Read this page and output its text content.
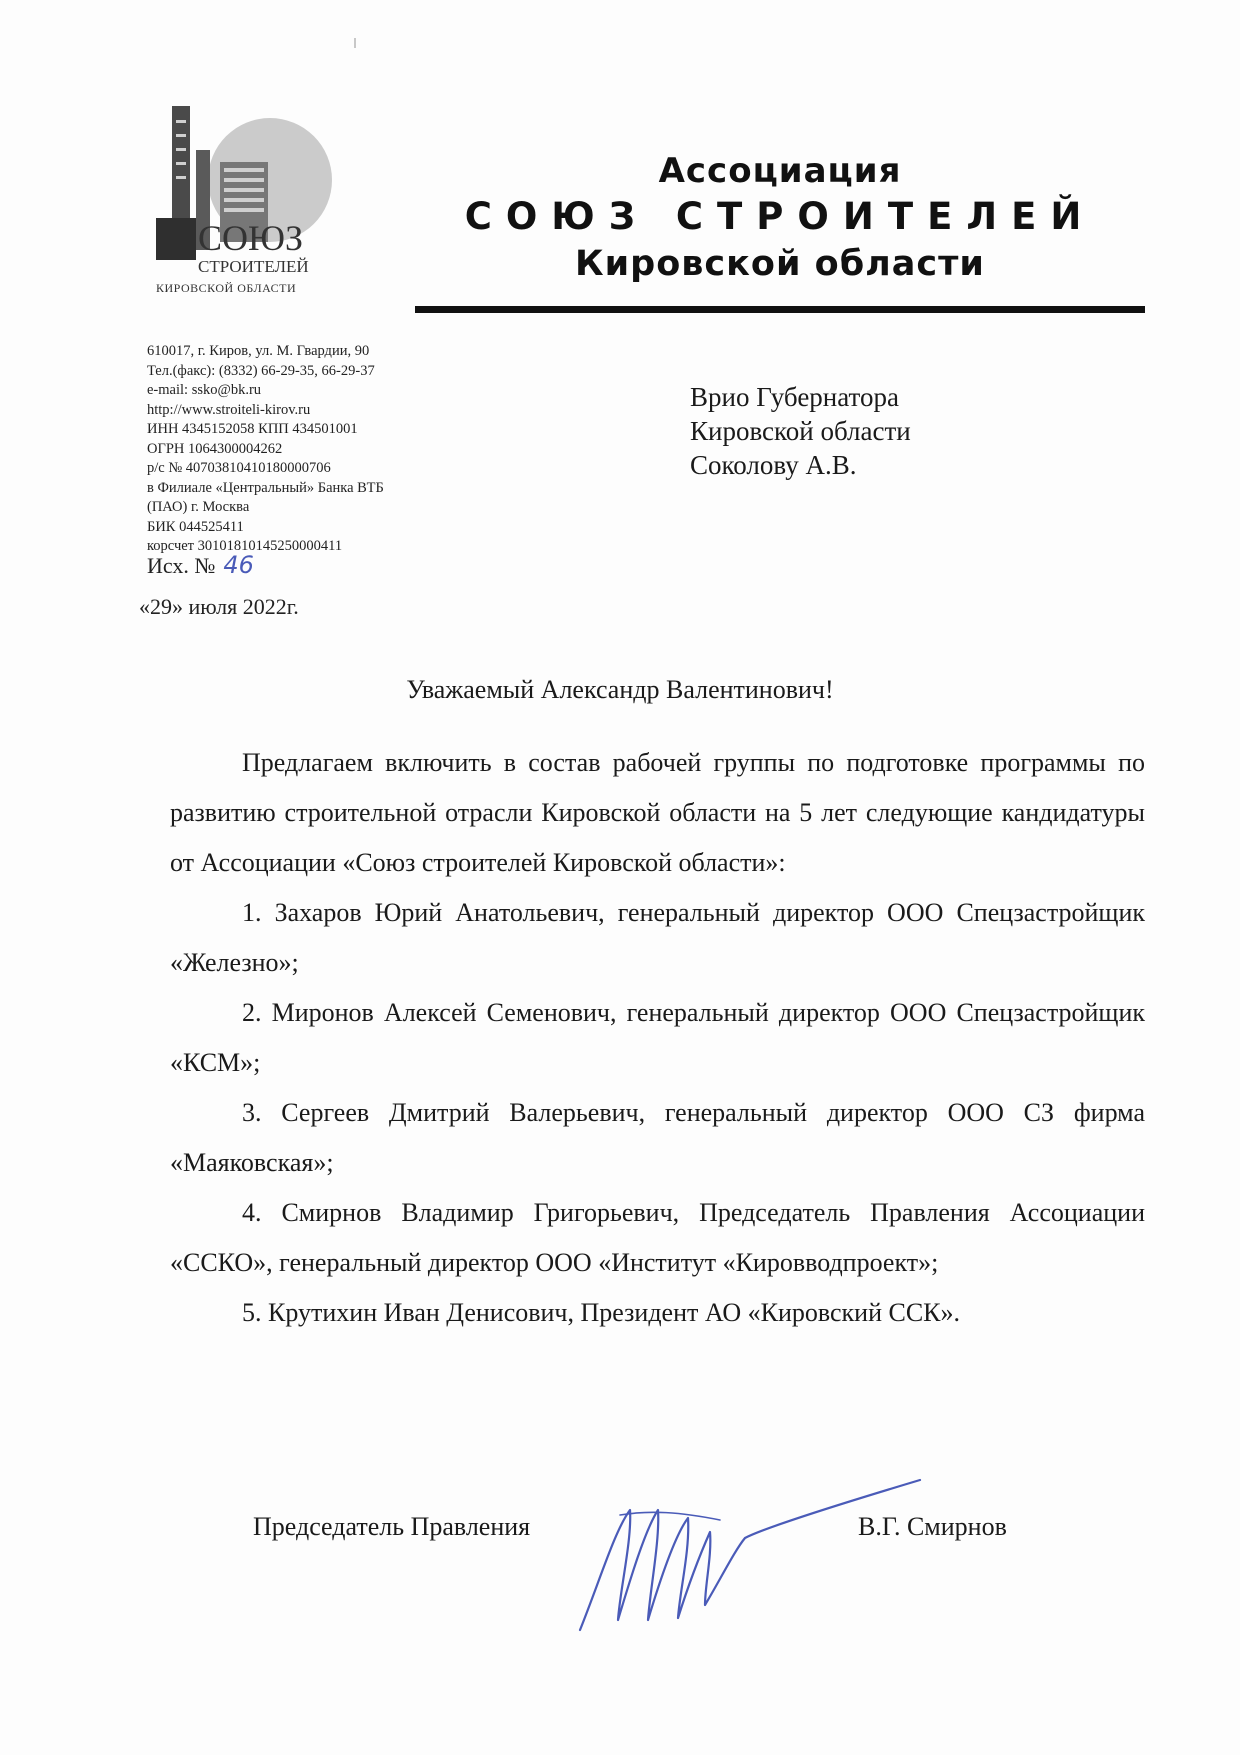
СОЮЗ
СТРОИТЕЛЕЙ
КИРОВСКОЙ ОБЛАСТИ
Ассоциация
СОЮЗ СТРОИТЕЛЕЙ
Кировской области
610017, г. Киров, ул. М. Гвардии, 90
Тел.(факс): (8332) 66-29-35, 66-29-37
e-mail: ssko@bk.ru
http://www.stroiteli-kirov.ru
ИНН 4345152058 КПП 434501001
ОГРН 1064300004262
р/с № 40703810410180000706
в Филиале «Центральный» Банка ВТБ
(ПАО) г. Москва
БИК 044525411
корсчет 30101810145250000411
Исх. № 46
«29» июля 2022г.
Врио Губернатора
Кировской области
Соколову А.В.
Уважаемый Александр Валентинович!

Предлагаем включить в состав рабочей группы по подготовке программы по развитию строительной отрасли Кировской области на 5 лет следующие кандидатуры от Ассоциации «Союз строителей Кировской области»:

1. Захаров Юрий Анатольевич, генеральный директор ООО Спецзастройщик «Железно»;

2. Миронов Алексей Семенович, генеральный директор ООО Спецзастройщик «КСМ»;

3. Сергеев Дмитрий Валерьевич, генеральный директор ООО СЗ фирма «Маяковская»;

4. Смирнов Владимир Григорьевич, Председатель Правления Ассоциации «ССКО», генеральный директор ООО «Институт «Кировводпроект»;

5. Крутихин Иван Денисович, Президент АО «Кировский ССК».

Председатель Правления	В.Г. Смирнов
